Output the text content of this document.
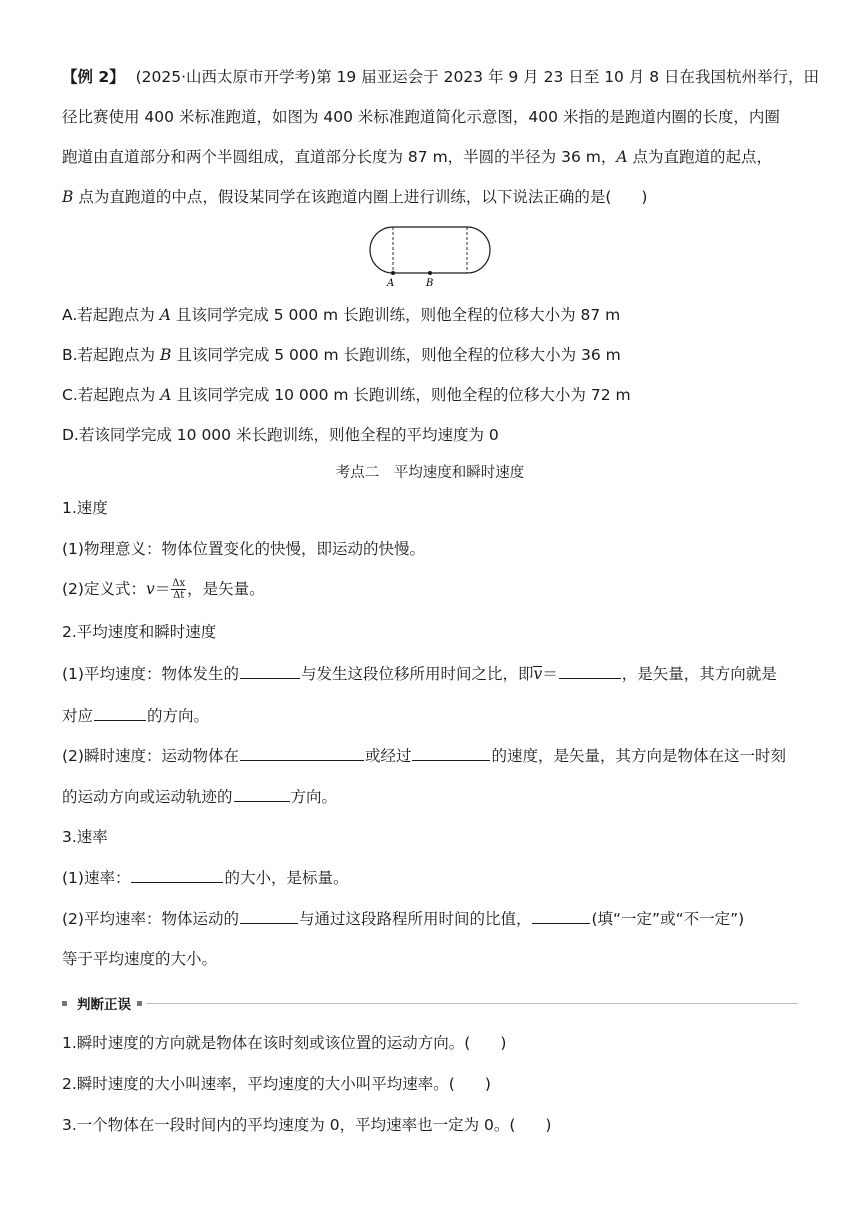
【例 2】 (2025·山西太原市开学考)第 19 届亚运会于 2023 年 9 月 23 日至 10 月 8 日在我国杭州举行，田
径比赛使用 400 米标准跑道，如图为 400 米标准跑道简化示意图，400 米指的是跑道内圈的长度，内圈
跑道由直道部分和两个半圆组成，直道部分长度为 87 m，半圆的半径为 36 m，A 点为直跑道的起点，
B 点为直跑道的中点，假设某同学在该跑道内圈上进行训练，以下说法正确的是( )
A	B
A.若起跑点为 A 且该同学完成 5 000 m 长跑训练，则他全程的位移大小为 87 m
B.若起跑点为 B 且该同学完成 5 000 m 长跑训练，则他全程的位移大小为 36 m
C.若起跑点为 A 且该同学完成 10 000 m 长跑训练，则他全程的位移大小为 72 m
D.若该同学完成 10 000 米长跑训练，则他全程的平均速度为 0
考点二　平均速度和瞬时速度
1.速度
(1)物理意义：物体位置变化的快慢，即运动的快慢。
(2)定义式：$v= \frac{\Delta x}{\Delta t}$ ，是矢量。
2.平均速度和瞬时速度
(1)平均速度：物体发生的	与发生这段位移所用时间之比，即v＝	，是矢量，其方向就是
对应	的方向。
(2)瞬时速度：运动物体在	或经过	的速度，是矢量，其方向是物体在这一时刻
的运动方向或运动轨迹的	方向。
3.速率
(1)速率：	的大小，是标量。
(2)平均速率：物体运动的	与通过这段路程所用时间的比值，	(填“一定”或“不一定”)
等于平均速度的大小。
判断正误
1.瞬时速度的方向就是物体在该时刻或该位置的运动方向。( )
2.瞬时速度的大小叫速率，平均速度的大小叫平均速率。( )
3.一个物体在一段时间内的平均速度为 0，平均速率也一定为 0。( )
